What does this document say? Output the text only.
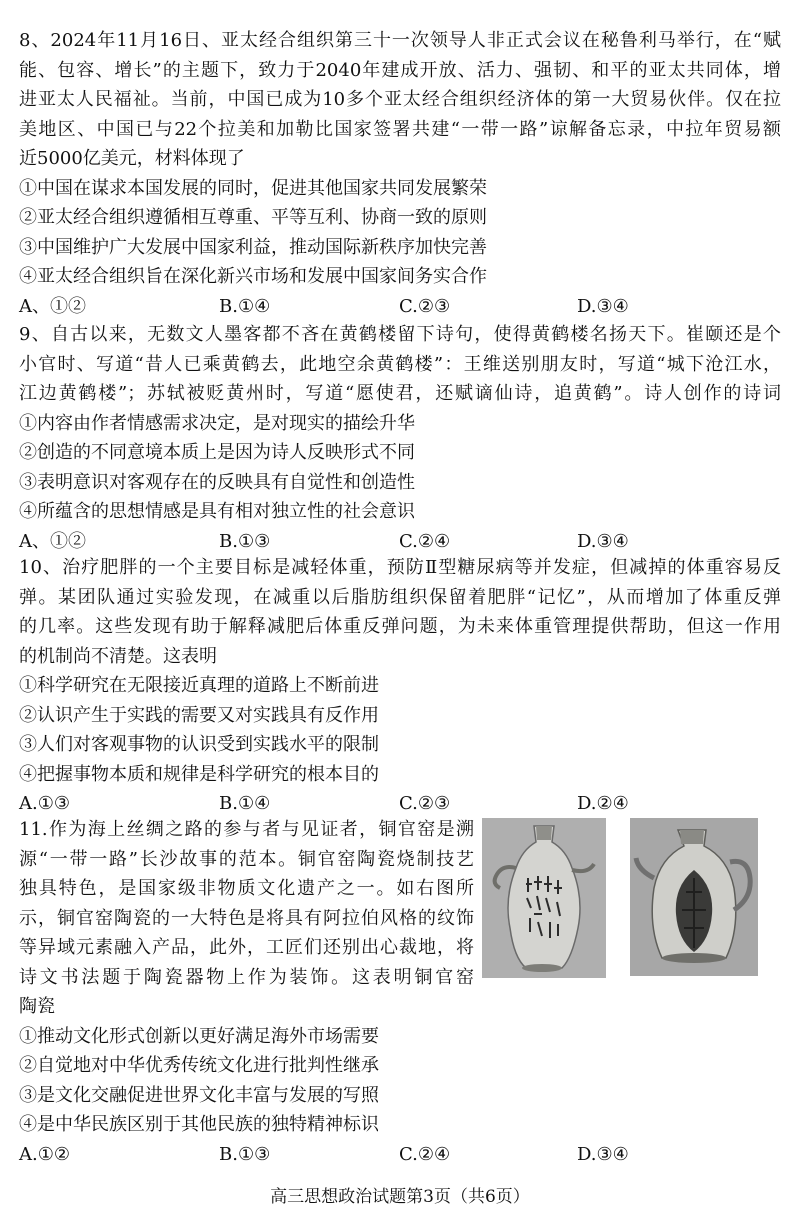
8、2024年11月16日、亚太经合组织第三十一次领导人非正式会议在秘鲁利马举行，在“赋
能、包容、增长”的主题下，致力于2040年建成开放、活力、强韧、和平的亚太共同体，增
进亚太人民福祉。当前，中国已成为10多个亚太经合组织经济体的第一大贸易伙伴。仅在拉
美地区、中国已与22个拉美和加勒比国家签署共建“一带一路”谅解备忘录，中拉年贸易额
近5000亿美元，材料体现了
①中国在谋求本国发展的同时，促进其他国家共同发展繁荣
②亚太经合组织遵循相互尊重、平等互利、协商一致的原则
③中国维护广大发展中国家利益，推动国际新秩序加快完善
④亚太经合组织旨在深化新兴市场和发展中国家间务实合作
A、①②	B.①④	C.②③	D.③④
9、自古以来，无数文人墨客都不吝在黄鹤楼留下诗句，使得黄鹤楼名扬天下。崔颐还是个
小官时、写道“昔人已乘黄鹤去，此地空余黄鹤楼”：王维送别朋友时，写道“城下沧江水，
江边黄鹤楼”；苏轼被贬黄州时，写道“愿使君，还赋谪仙诗，追黄鹤”。诗人创作的诗词
①内容由作者情感需求决定，是对现实的描绘升华
②创造的不同意境本质上是因为诗人反映形式不同
③表明意识对客观存在的反映具有自觉性和创造性
④所蕴含的思想情感是具有相对独立性的社会意识
A、①②	B.①③	C.②④	D.③④
10、治疗肥胖的一个主要目标是减轻体重，预防Ⅱ型糖尿病等并发症，但减掉的体重容易反
弹。某团队通过实验发现，在减重以后脂肪组织保留着肥胖“记忆”，从而增加了体重反弹
的几率。这些发现有助于解释减肥后体重反弹问题，为未来体重管理提供帮助，但这一作用
的机制尚不清楚。这表明
①科学研究在无限接近真理的道路上不断前进
②认识产生于实践的需要又对实践具有反作用
③人们对客观事物的认识受到实践水平的限制
④把握事物本质和规律是科学研究的根本目的
A.①③	B.①④	C.②③	D.②④
11.作为海上丝绸之路的参与者与见证者，铜官窑是溯
源“一带一路”长沙故事的范本。铜官窑陶瓷烧制技艺
独具特色，是国家级非物质文化遗产之一。如右图所
示，铜官窑陶瓷的一大特色是将具有阿拉伯风格的纹饰
等异域元素融入产品，此外，工匠们还别出心裁地，将
诗文书法题于陶瓷器物上作为装饰。这表明铜官窑
陶瓷
①推动文化形式创新以更好满足海外市场需要
②自觉地对中华优秀传统文化进行批判性继承
③是文化交融促进世界文化丰富与发展的写照
④是中华民族区别于其他民族的独特精神标识
A.①②	B.①③	C.②④	D.③④
高三思想政治试题第3页（共6页）
